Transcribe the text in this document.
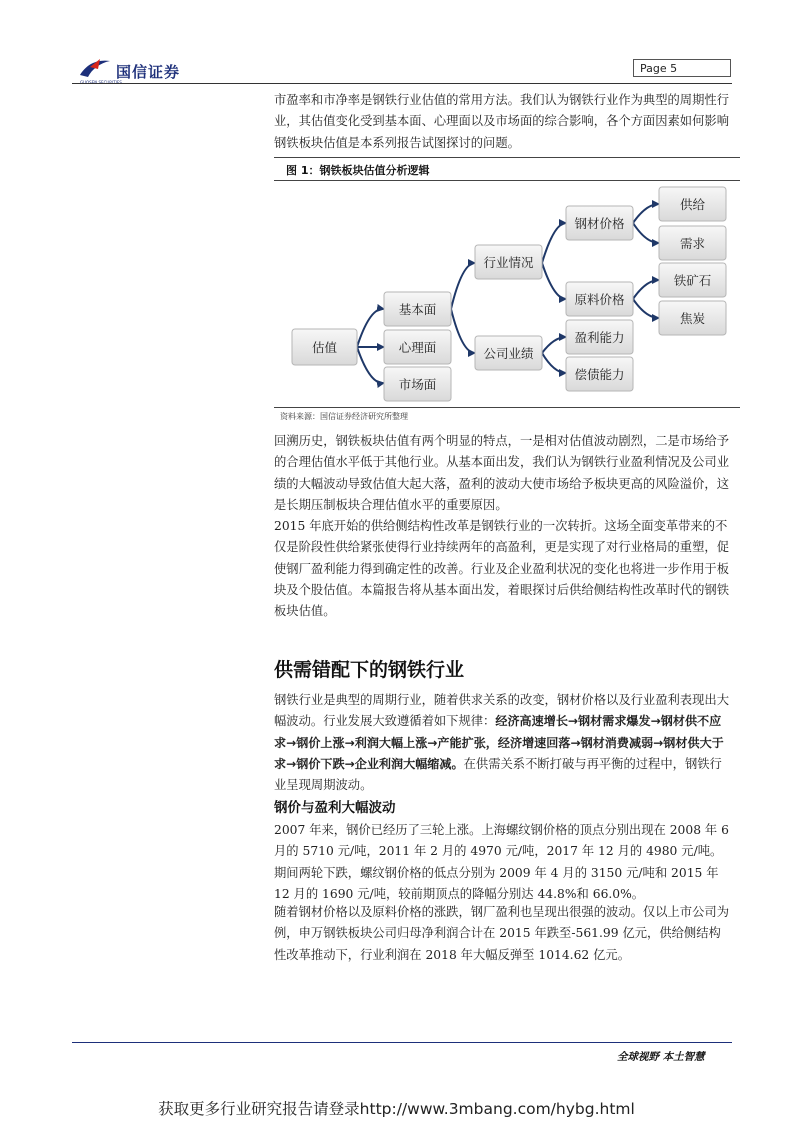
国信证券
GUOSEN SECURITIES
Page 5

市盈率和市净率是钢铁行业估值的常用方法。我们认为钢铁行业作为典型的周期性行业，其估值变化受到基本面、心理面以及市场面的综合影响，各个方面因素如何影响钢铁板块估值是本系列报告试图探讨的问题。

图 1：钢铁板块估值分析逻辑
估值
基本面
心理面
市场面
行业情况
公司业绩
钢材价格
原料价格
盈利能力
偿债能力
供给
需求
铁矿石
焦炭
资料来源：国信证券经济研究所整理

回溯历史，钢铁板块估值有两个明显的特点，一是相对估值波动剧烈，二是市场给予的合理估值水平低于其他行业。从基本面出发，我们认为钢铁行业盈利情况及公司业绩的大幅波动导致估值大起大落，盈利的波动大使市场给予板块更高的风险溢价，这是长期压制板块合理估值水平的重要原因。

2015 年底开始的供给侧结构性改革是钢铁行业的一次转折。这场全面变革带来的不仅是阶段性供给紧张使得行业持续两年的高盈利，更是实现了对行业格局的重塑，促使钢厂盈利能力得到确定性的改善。行业及企业盈利状况的变化也将进一步作用于板块及个股估值。本篇报告将从基本面出发，着眼探讨后供给侧结构性改革时代的钢铁板块估值。

供需错配下的钢铁行业

钢铁行业是典型的周期行业，随着供求关系的改变，钢材价格以及行业盈利表现出大幅波动。行业发展大致遵循着如下规律：经济高速增长→钢材需求爆发→钢材供不应求→钢价上涨→利润大幅上涨→产能扩张，经济增速回落→钢材消费减弱→钢材供大于求→钢价下跌→企业利润大幅缩减。在供需关系不断打破与再平衡的过程中，钢铁行业呈现周期波动。

钢价与盈利大幅波动

2007 年来，钢价已经历了三轮上涨。上海螺纹钢价格的顶点分别出现在 2008 年 6 月的 5710 元/吨，2011 年 2 月的 4970 元/吨，2017 年 12 月的 4980 元/吨。期间两轮下跌，螺纹钢价格的低点分别为 2009 年 4 月的 3150 元/吨和 2015 年 12 月的 1690 元/吨，较前期顶点的降幅分别达 44.8%和 66.0%。

随着钢材价格以及原料价格的涨跌，钢厂盈利也呈现出很强的波动。仅以上市公司为例，申万钢铁板块公司归母净利润合计在 2015 年跌至-561.99 亿元，供给侧结构性改革推动下，行业利润在 2018 年大幅反弹至 1014.62 亿元。

全球视野 本土智慧
获取更多行业研究报告请登录http://www.3mbang.com/hybg.html
